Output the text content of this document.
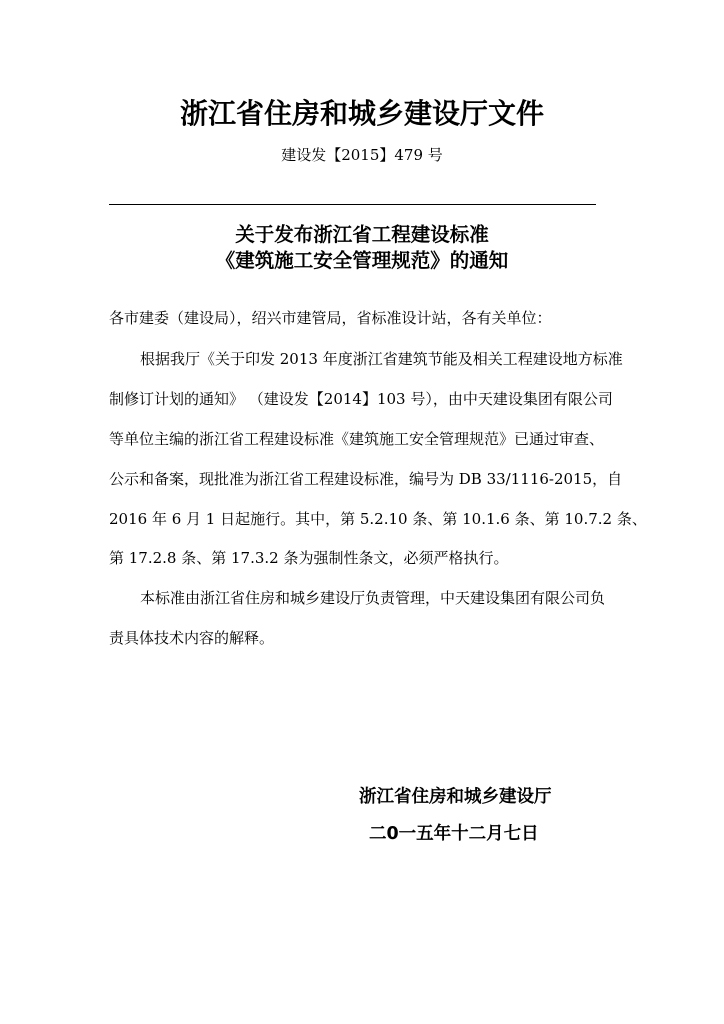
浙江省住房和城乡建设厅文件
建设发【2015】479 号
关于发布浙江省工程建设标准
《建筑施工安全管理规范》的通知
各市建委（建设局），绍兴市建管局，省标准设计站，各有关单位：
根据我厅《关于印发 2013 年度浙江省建筑节能及相关工程建设地方标准
制修订计划的通知》 （建设发【2014】103 号），由中天建设集团有限公司
等单位主编的浙江省工程建设标准《建筑施工安全管理规范》已通过审查、
公示和备案，现批准为浙江省工程建设标准，编号为 DB 33/1116-2015，自
2016 年 6 月 1 日起施行。其中，第 5.2.10 条、第 10.1.6 条、第 10.7.2 条、
第 17.2.8 条、第 17.3.2 条为强制性条文，必须严格执行。
本标准由浙江省住房和城乡建设厅负责管理，中天建设集团有限公司负
责具体技术内容的解释。
浙江省住房和城乡建设厅
二0一五年十二月七日
